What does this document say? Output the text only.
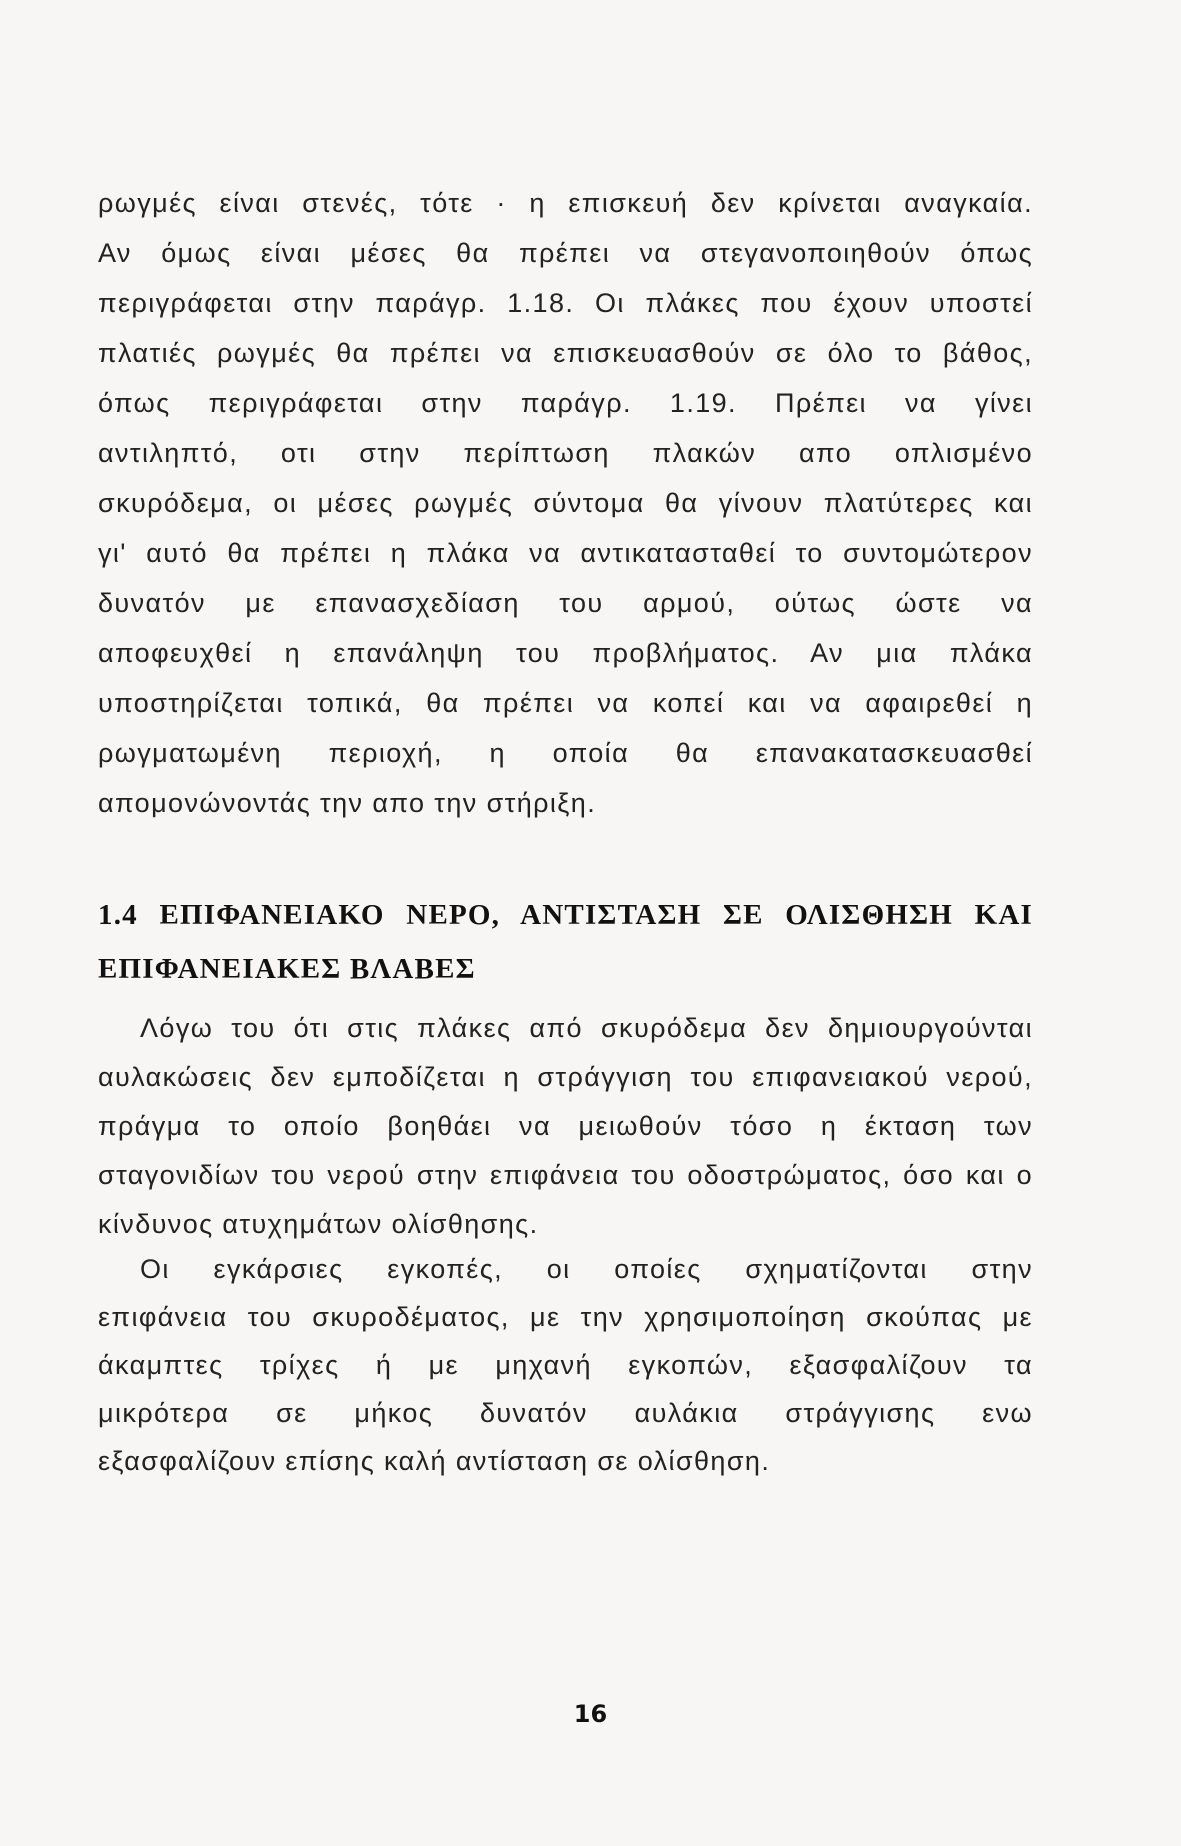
ρωγμές είναι στενές, τότε · η επισκευή δεν κρίνεται αναγκαία.
Αν όμως είναι μέσες θα πρέπει να στεγανοποιηθούν όπως
περιγράφεται στην παράγρ. 1.18. Οι πλάκες που έχουν υποστεί
πλατιές ρωγμές θα πρέπει να επισκευασθούν σε όλο το βάθος,
όπως περιγράφεται στην παράγρ. 1.19. Πρέπει να γίνει
αντιληπτό, οτι στην περίπτωση πλακών απο οπλισμένο
σκυρόδεμα, οι μέσες ρωγμές σύντομα θα γίνουν πλατύτερες και
γι' αυτό θα πρέπει η πλάκα να αντικατασταθεί το συντομώτερον
δυνατόν με επανασχεδίαση του αρμού, ούτως ώστε να
αποφευχθεί η επανάληψη του προβλήματος. Αν μια πλάκα
υποστηρίζεται τοπικά, θα πρέπει να κοπεί και να αφαιρεθεί η
ρωγματωμένη περιοχή, η οποία θα επανακατασκευασθεί
απομονώνοντάς την απο την στήριξη.
1.4 ΕΠΙΦΑΝΕΙΑΚΟ ΝΕΡΟ, ΑΝΤΙΣΤΑΣΗ ΣΕ ΟΛΙΣΘΗΣΗ ΚΑΙ
ΕΠΙΦΑΝΕΙΑΚΕΣ ΒΛΑΒΕΣ
Λόγω του ότι στις πλάκες από σκυρόδεμα δεν δημιουργούνται
αυλακώσεις δεν εμποδίζεται η στράγγιση του επιφανειακού νερού,
πράγμα το οποίο βοηθάει να μειωθούν τόσο η έκταση των
σταγονιδίων του νερού στην επιφάνεια του οδοστρώματος, όσο και ο
κίνδυνος ατυχημάτων ολίσθησης.
Οι εγκάρσιες εγκοπές, οι οποίες σχηματίζονται στην
επιφάνεια του σκυροδέματος, με την χρησιμοποίηση σκούπας με
άκαμπτες τρίχες ή με μηχανή εγκοπών, εξασφαλίζουν τα
μικρότερα σε μήκος δυνατόν αυλάκια στράγγισης ενω
εξασφαλίζουν επίσης καλή αντίσταση σε ολίσθηση.
16
